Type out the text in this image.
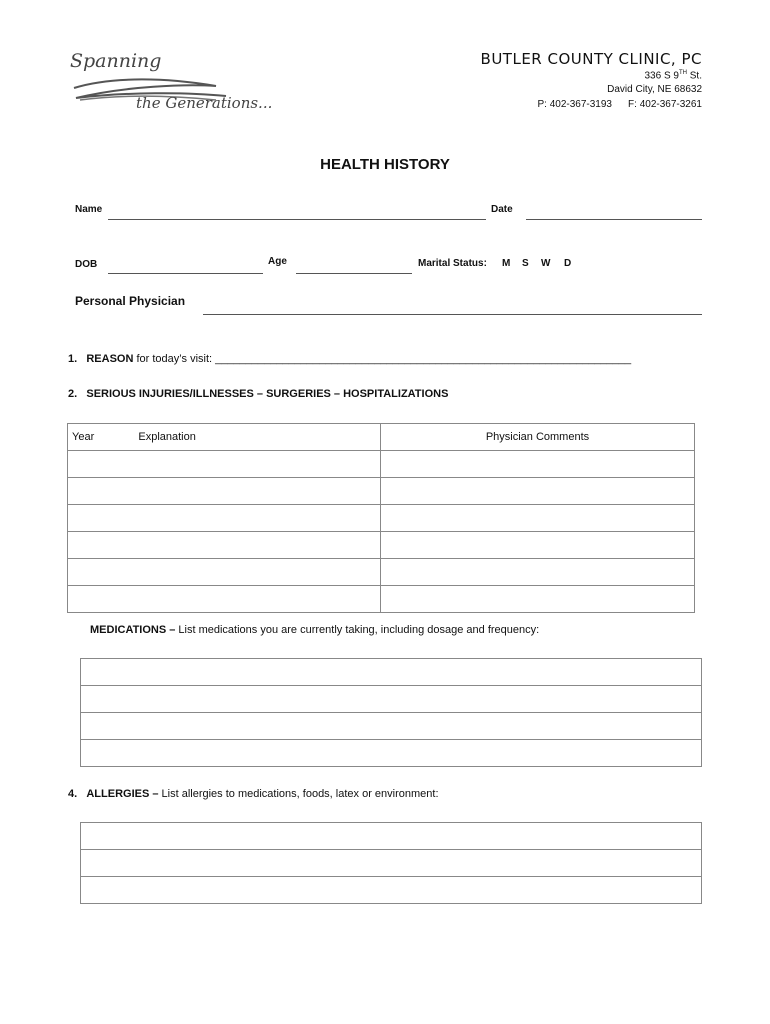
Spanning
the Generations...
BUTLER COUNTY CLINIC, PC
336 S 9TH St.
David City, NE 68632
P: 402-367-3193 F: 402-367-3261
HEALTH HISTORY
Name	Date
DOB	Age	Marital Status: M S W D
Personal Physician
1. REASON for today’s visit: ____________________________________________________________________
2. SERIOUS INJURIES/ILLNESSES – SURGERIES – HOSPITALIZATIONS
Year Explanation	Physician Comments

MEDICATIONS – List medications you are currently taking, including dosage and frequency:

4. ALLERGIES – List allergies to medications, foods, latex or environment:
